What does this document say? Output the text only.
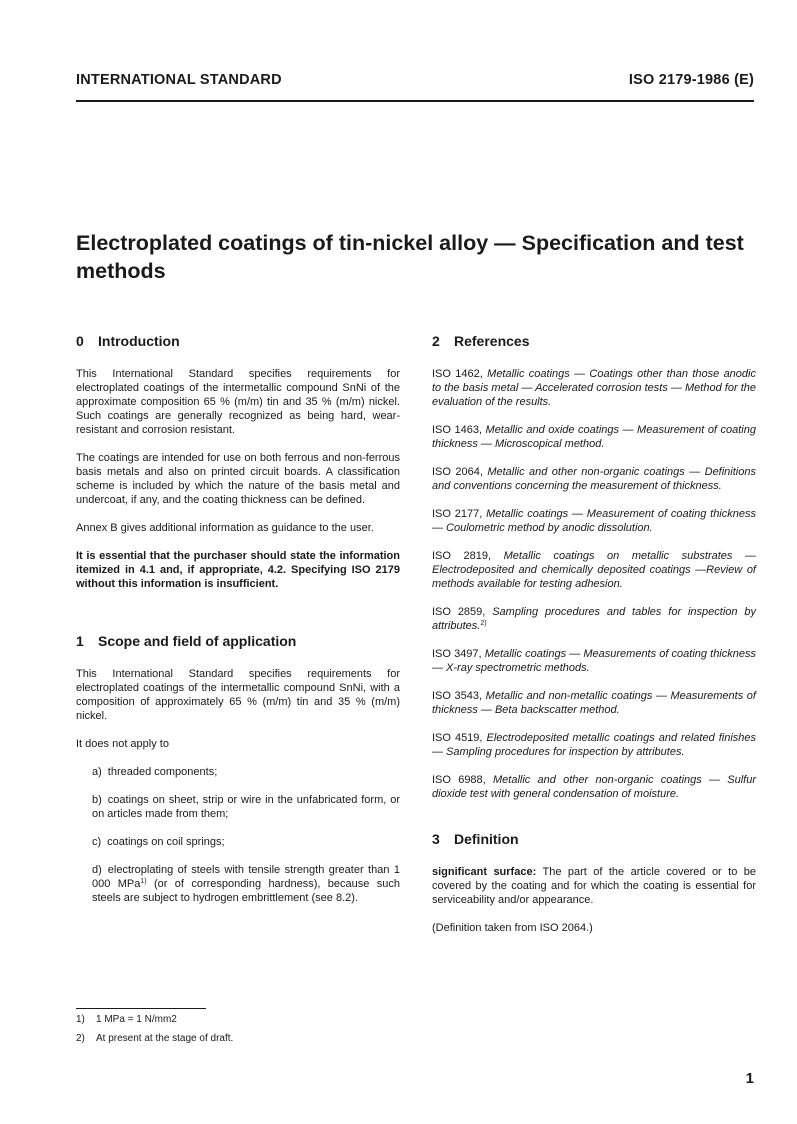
INTERNATIONAL STANDARD	ISO 2179-1986 (E)
Electroplated coatings of tin-nickel alloy — Specification and test methods
0 Introduction

This International Standard specifies requirements for electroplated coatings of the intermetallic compound SnNi of the approximate composition 65 % (m/m) tin and 35 % (m/m) nickel. Such coatings are generally recognized as being hard, wear-resistant and corrosion resistant.

The coatings are intended for use on both ferrous and non-ferrous basis metals and also on printed circuit boards. A classification scheme is included by which the nature of the basis metal and undercoat, if any, and the coating thickness can be defined.

Annex B gives additional information as guidance to the user.

It is essential that the purchaser should state the information itemized in 4.1 and, if appropriate, 4.2. Specifying ISO 2179 without this information is insufficient.

1 Scope and field of application

This International Standard specifies requirements for electroplated coatings of the intermetallic compound SnNi, with a composition of approximately 65 % (m/m) tin and 35 % (m/m) nickel.

It does not apply to

a) threaded components;

b) coatings on sheet, strip or wire in the unfabricated form, or on articles made from them;

c) coatings on coil springs;

d) electroplating of steels with tensile strength greater than 1 000 MPa$^{1)}$ (or of corresponding hardness), because such steels are subject to hydrogen embrittlement (see 8.2).

2 References

ISO 1462, Metallic coatings — Coatings other than those anodic to the basis metal — Accelerated corrosion tests — Method for the evaluation of the results.

ISO 1463, Metallic and oxide coatings — Measurement of coating thickness — Microscopical method.

ISO 2064, Metallic and other non-organic coatings — Definitions and conventions concerning the measurement of thickness.

ISO 2177, Metallic coatings — Measurement of coating thickness — Coulometric method by anodic dissolution.

ISO 2819, Metallic coatings on metallic substrates — Electrodeposited and chemically deposited coatings —Review of methods available for testing adhesion.

ISO 2859, Sampling procedures and tables for inspection by attributes.$^{2)}$

ISO 3497, Metallic coatings — Measurements of coating thickness — X-ray spectrometric methods.

ISO 3543, Metallic and non-metallic coatings — Measurements of thickness — Beta backscatter method.

ISO 4519, Electrodeposited metallic coatings and related finishes — Sampling procedures for inspection by attributes.

ISO 6988, Metallic and other non-organic coatings — Sulfur dioxide test with general condensation of moisture.

3 Definition

significant surface: The part of the article covered or to be covered by the coating and for which the coating is essential for serviceability and/or appearance.

(Definition taken from ISO 2064.)

1) 1 MPa = 1 N/mm2
2) At present at the stage of draft.
1
